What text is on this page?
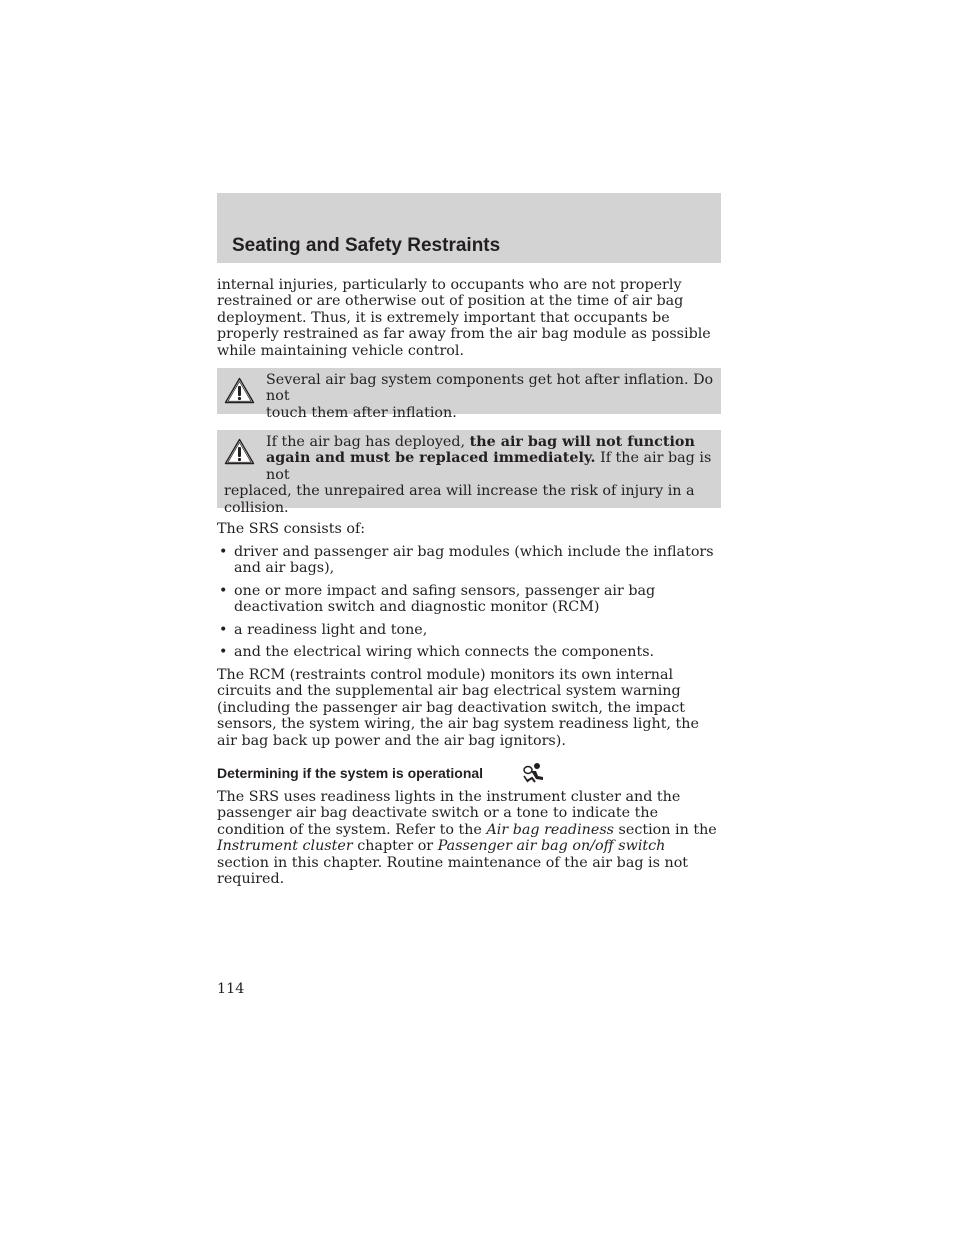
Seating and Safety Restraints

internal injuries, particularly to occupants who are not properly restrained or are otherwise out of position at the time of air bag deployment. Thus, it is extremely important that occupants be properly restrained as far away from the air bag module as possible while maintaining vehicle control.

Several air bag system components get hot after inflation. Do not
touch them after inflation.
If the air bag has deployed, the air bag will not function
again and must be replaced immediately. If the air bag is not
replaced, the unrepaired area will increase the risk of injury in a collision.

The SRS consists of:

• driver and passenger air bag modules (which include the inflators and air bags),
• one or more impact and safing sensors, passenger air bag deactivation switch and diagnostic monitor (RCM)
• a readiness light and tone,
• and the electrical wiring which connects the components.

The RCM (restraints control module) monitors its own internal circuits and the supplemental air bag electrical system warning (including the passenger air bag deactivation switch, the impact sensors, the system wiring, the air bag system readiness light, the air bag back up power and the air bag ignitors).

Determining if the system is operational

The SRS uses readiness lights in the instrument cluster and the passenger air bag deactivate switch or a tone to indicate the condition of the system. Refer to the Air bag readiness section in the Instrument cluster chapter or Passenger air bag on/off switch section in this chapter. Routine maintenance of the air bag is not required.

114
